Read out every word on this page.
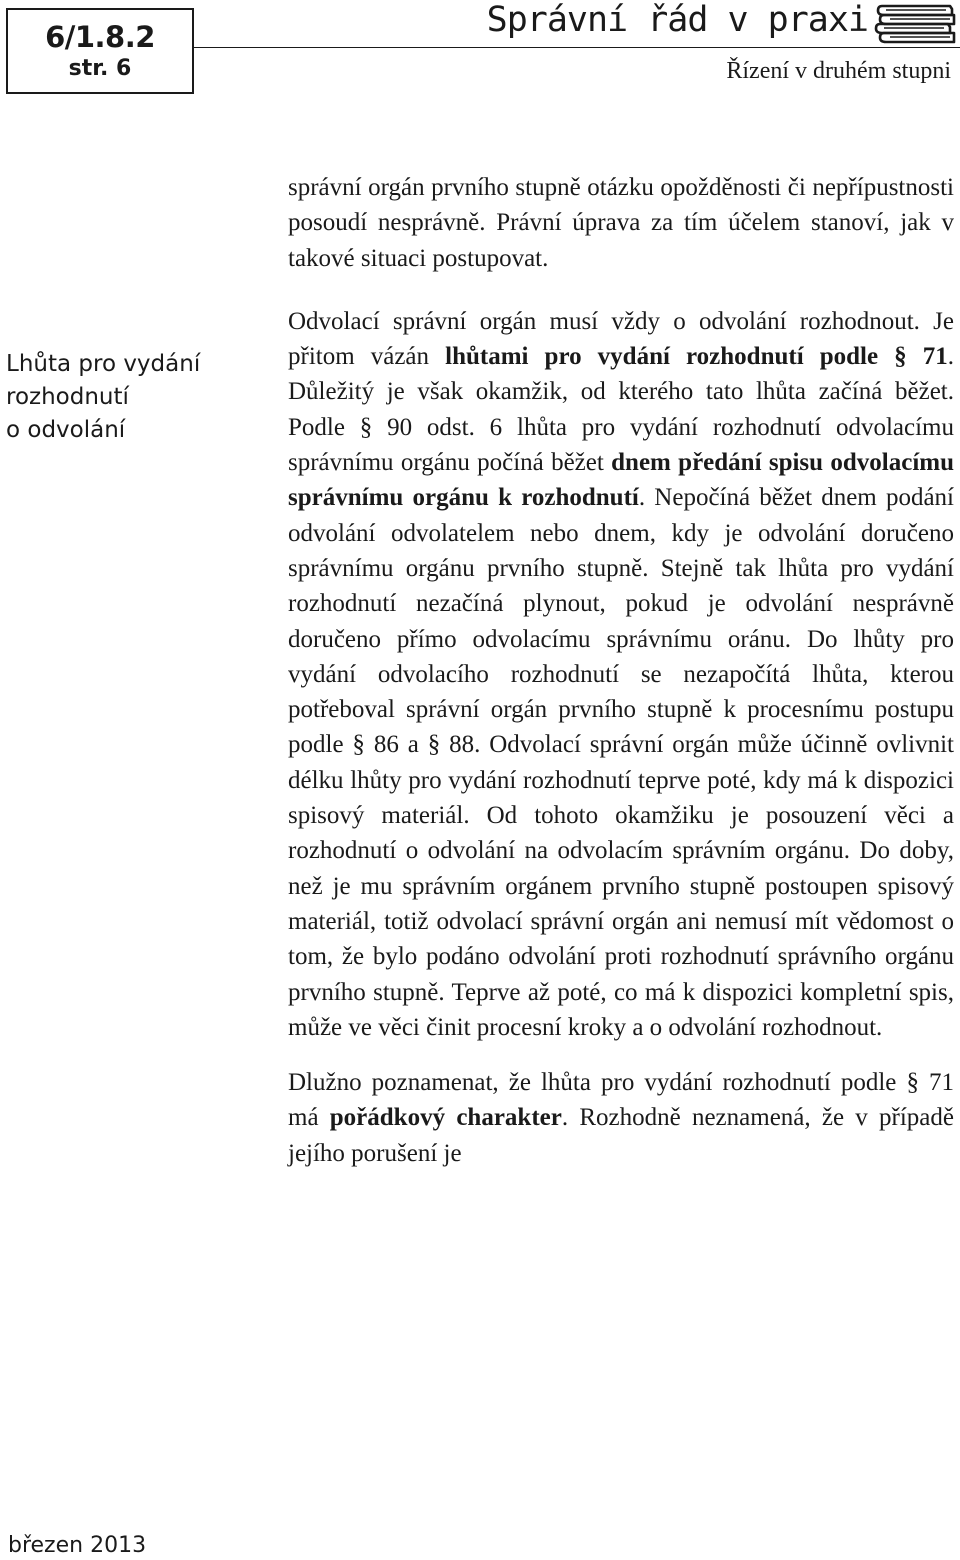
6/1.8.2
str. 6
Správní řád v praxi
Řízení v druhém stupni
Lhůta pro vydání
rozhodnutí
o odvolání

správní orgán prvního stupně otázku opožděnosti či nepřípustnosti posoudí nesprávně. Právní úprava za tím účelem stanoví, jak v takové situaci postupovat.

Odvolací správní orgán musí vždy o odvolání rozhodnout. Je přitom vázán lhůtami pro vydání rozhodnutí podle § 71. Důležitý je však okamžik, od kterého tato lhůta začíná běžet. Podle § 90 odst. 6 lhůta pro vydání rozhodnutí odvolacímu správnímu orgánu počíná běžet dnem předání spisu odvolacímu správnímu orgánu k rozhodnutí. Nepočíná běžet dnem podání odvolání odvolatelem nebo dnem, kdy je odvolání doručeno správnímu orgánu prvního stupně. Stejně tak lhůta pro vydání rozhodnutí nezačíná plynout, pokud je odvolání nesprávně doručeno přímo odvolacímu správnímu oránu. Do lhůty pro vydání odvolacího rozhodnutí se nezapočítá lhůta, kterou potřeboval správní orgán prvního stupně k procesnímu postupu podle § 86 a § 88. Odvolací správní orgán může účinně ovlivnit délku lhůty pro vydání rozhodnutí teprve poté, kdy má k dispozici spisový materiál. Od tohoto okamžiku je posouzení věci a rozhodnutí o odvolání na odvolacím správním orgánu. Do doby, než je mu správním orgánem prvního stupně postoupen spisový materiál, totiž odvolací správní orgán ani nemusí mít vědomost o tom, že bylo podáno odvolání proti rozhodnutí správního orgánu prvního stupně. Teprve až poté, co má k dispozici kompletní spis, může ve věci činit procesní kroky a o odvolání rozhodnout.

Dlužno poznamenat, že lhůta pro vydání rozhodnutí podle § 71 má pořádkový charakter. Rozhodně neznamená, že v případě jejího porušení je

březen 2013
